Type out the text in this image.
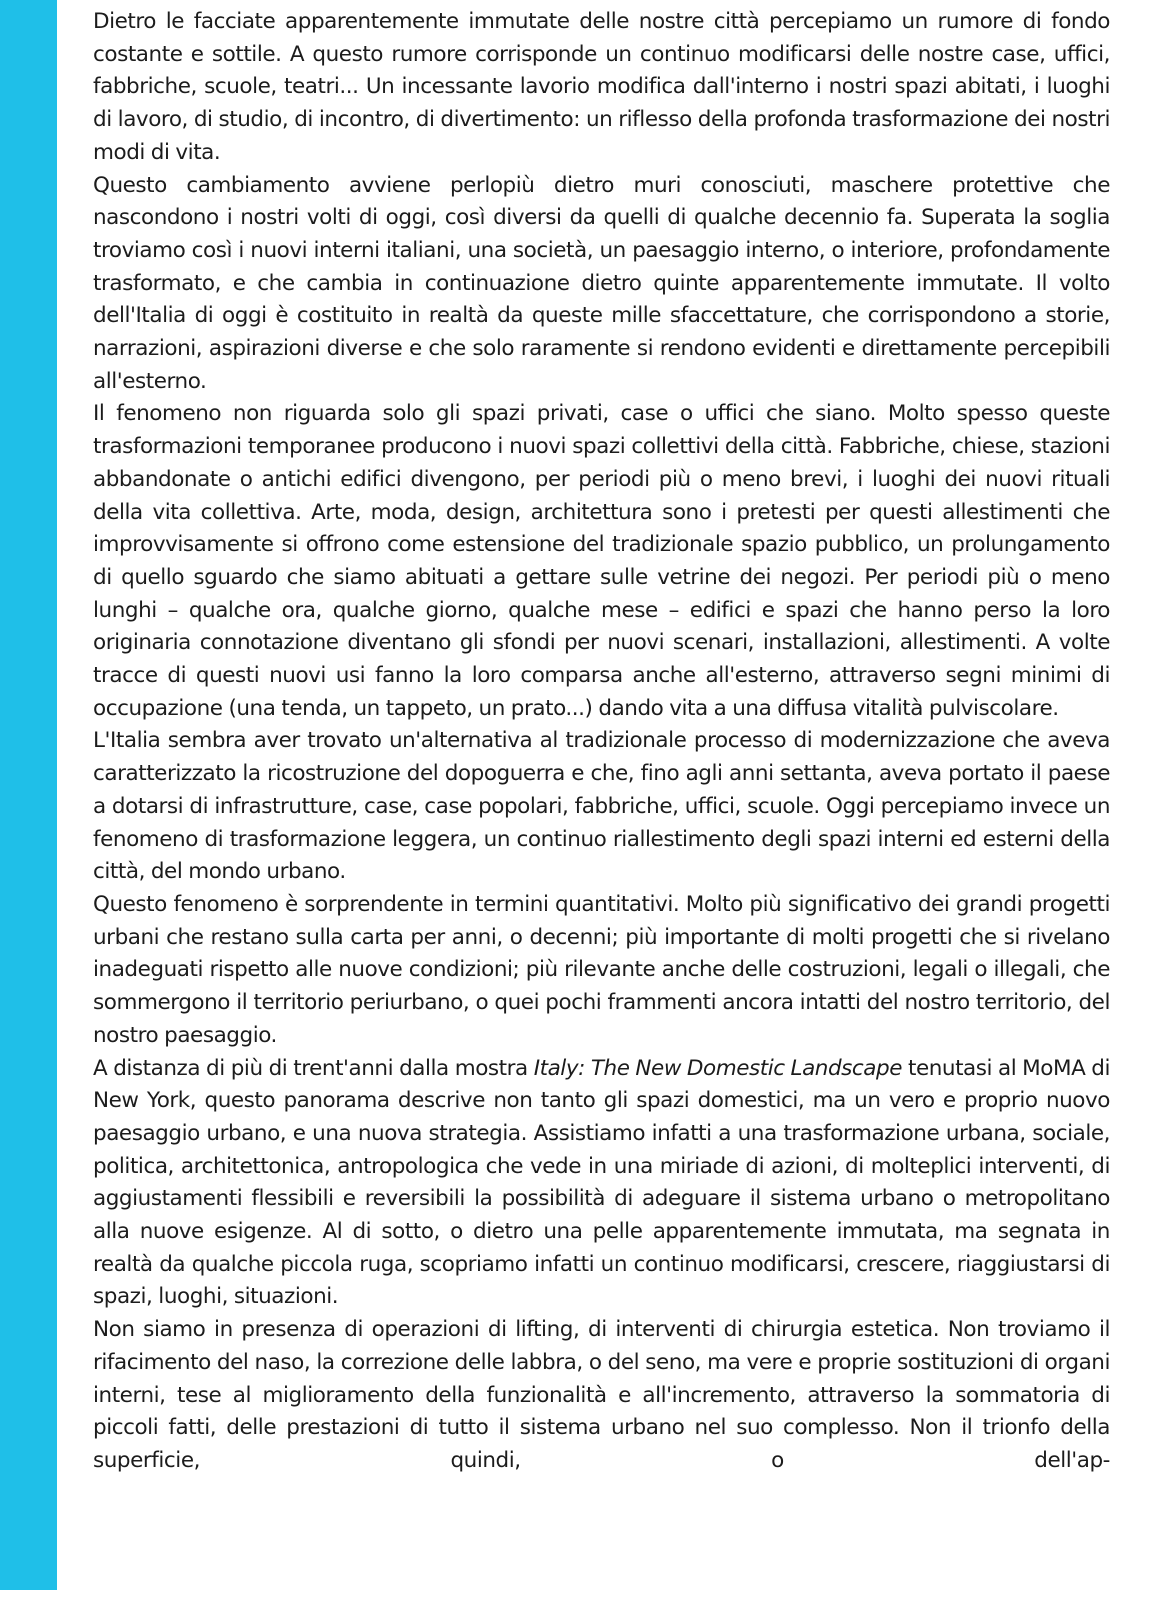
Dietro le facciate apparentemente immutate delle nostre città percepiamo un rumore di fondo costante e sottile. A questo rumore corrisponde un continuo modificarsi delle nostre case, uffici, fabbriche, scuole, teatri... Un incessante lavorio modifica dall'interno i nostri spazi abitati, i luoghi di lavoro, di studio, di incontro, di divertimento: un riflesso della profonda trasformazione dei nostri modi di vita.

Questo cambiamento avviene perlopiù dietro muri conosciuti, maschere protettive che nascondono i nostri volti di oggi, così diversi da quelli di qualche decennio fa. Superata la soglia troviamo così i nuovi interni italiani, una società, un paesaggio interno, o interiore, profondamente trasformato, e che cambia in continuazione dietro quinte apparentemente immutate. Il volto dell'Italia di oggi è costituito in realtà da queste mille sfaccettature, che corrispondono a storie, narrazioni, aspirazioni diverse e che solo raramente si rendono evidenti e direttamente percepibili all'esterno.

Il fenomeno non riguarda solo gli spazi privati, case o uffici che siano. Molto spesso queste trasformazioni temporanee producono i nuovi spazi collettivi della città. Fabbriche, chiese, stazioni abbandonate o antichi edifici divengono, per periodi più o meno brevi, i luoghi dei nuovi rituali della vita collettiva. Arte, moda, design, architettura sono i pretesti per questi allestimenti che improvvisamente si offrono come estensione del tradizionale spazio pubblico, un prolungamento di quello sguardo che siamo abituati a gettare sulle vetrine dei negozi. Per periodi più o meno lunghi – qualche ora, qualche giorno, qualche mese – edifici e spazi che hanno perso la loro originaria connotazione diventano gli sfondi per nuovi scenari, installazioni, allestimenti. A volte tracce di questi nuovi usi fanno la loro comparsa anche all'esterno, attraverso segni minimi di occupazione (una tenda, un tappeto, un prato...) dando vita a una diffusa vitalità pulviscolare.

L'Italia sembra aver trovato un'alternativa al tradizionale processo di modernizzazione che aveva caratterizzato la ricostruzione del dopoguerra e che, fino agli anni settanta, aveva portato il paese a dotarsi di infrastrutture, case, case popolari, fabbriche, uffici, scuole. Oggi percepiamo invece un fenomeno di trasformazione leggera, un continuo riallestimento degli spazi interni ed esterni della città, del mondo urbano.

Questo fenomeno è sorprendente in termini quantitativi. Molto più significativo dei grandi progetti urbani che restano sulla carta per anni, o decenni; più importante di molti progetti che si rivelano inadeguati rispetto alle nuove condizioni; più rilevante anche delle costruzioni, legali o illegali, che sommergono il territorio periurbano, o quei pochi frammenti ancora intatti del nostro territorio, del nostro paesaggio.

A distanza di più di trent'anni dalla mostra Italy: The New Domestic Landscape tenutasi al MoMA di New York, questo panorama descrive non tanto gli spazi domestici, ma un vero e proprio nuovo paesaggio urbano, e una nuova strategia. Assistiamo infatti a una trasformazione urbana, sociale, politica, architettonica, antropologica che vede in una miriade di azioni, di molteplici interventi, di aggiustamenti flessibili e reversibili la possibilità di adeguare il sistema urbano o metropolitano alla nuove esigenze. Al di sotto, o dietro una pelle apparentemente immutata, ma segnata in realtà da qualche piccola ruga, scopriamo infatti un continuo modificarsi, crescere, riaggiustarsi di spazi, luoghi, situazioni.

Non siamo in presenza di operazioni di lifting, di interventi di chirurgia estetica. Non troviamo il rifacimento del naso, la correzione delle labbra, o del seno, ma vere e proprie sostituzioni di organi interni, tese al miglioramento della funzionalità e all'incremento, attraverso la sommatoria di piccoli fatti, delle prestazioni di tutto il sistema urbano nel suo complesso. Non il trionfo della superficie, quindi, o dell'ap-
